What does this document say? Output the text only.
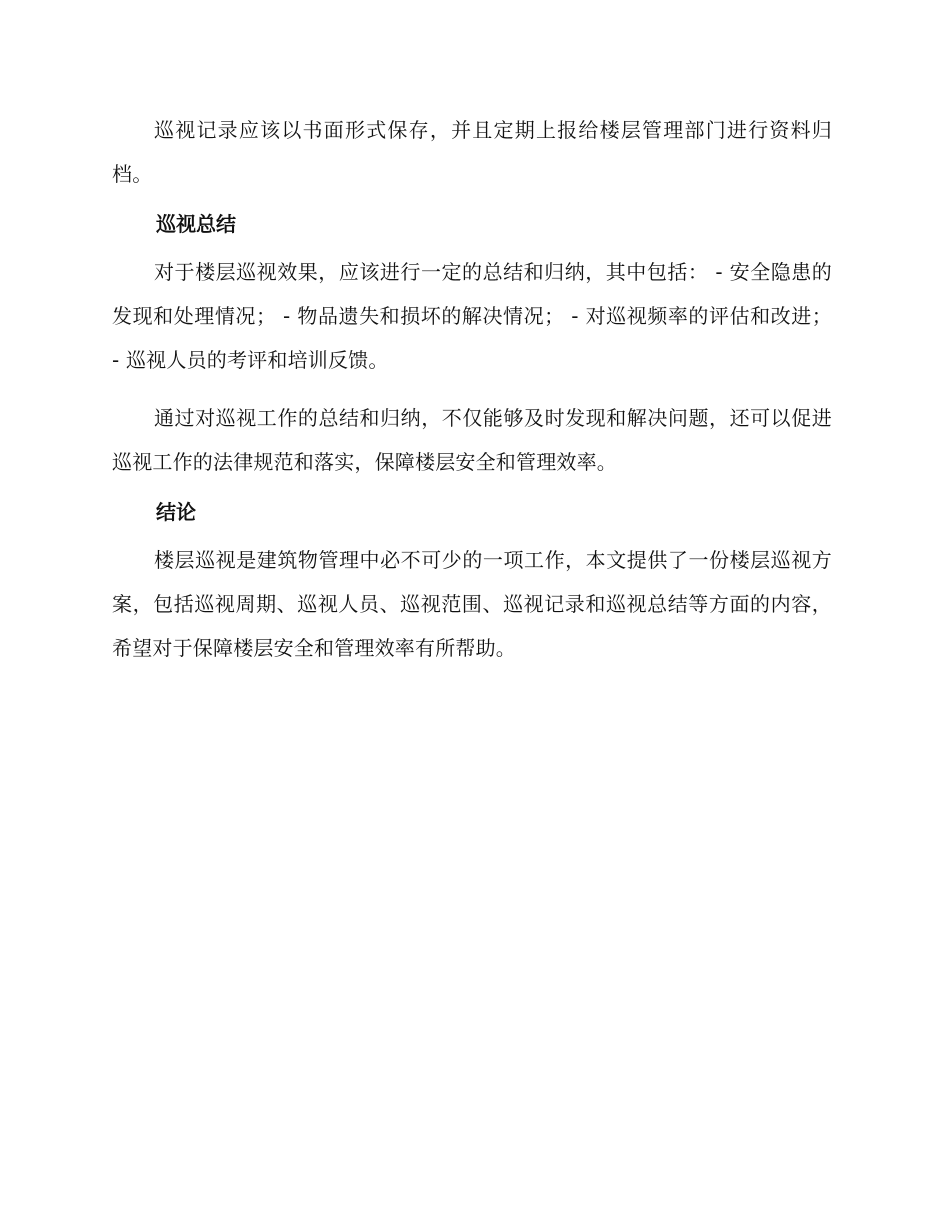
巡视记录应该以书面形式保存，并且定期上报给楼层管理部门进行资料归档。

巡视总结

对于楼层巡视效果，应该进行一定的总结和归纳，其中包括： - 安全隐患的发现和处理情况； - 物品遗失和损坏的解决情况； - 对巡视频率的评估和改进； - 巡视人员的考评和培训反馈。

通过对巡视工作的总结和归纳，不仅能够及时发现和解决问题，还可以促进巡视工作的法律规范和落实，保障楼层安全和管理效率。

结论

楼层巡视是建筑物管理中必不可少的一项工作，本文提供了一份楼层巡视方案，包括巡视周期、巡视人员、巡视范围、巡视记录和巡视总结等方面的内容，希望对于保障楼层安全和管理效率有所帮助。
